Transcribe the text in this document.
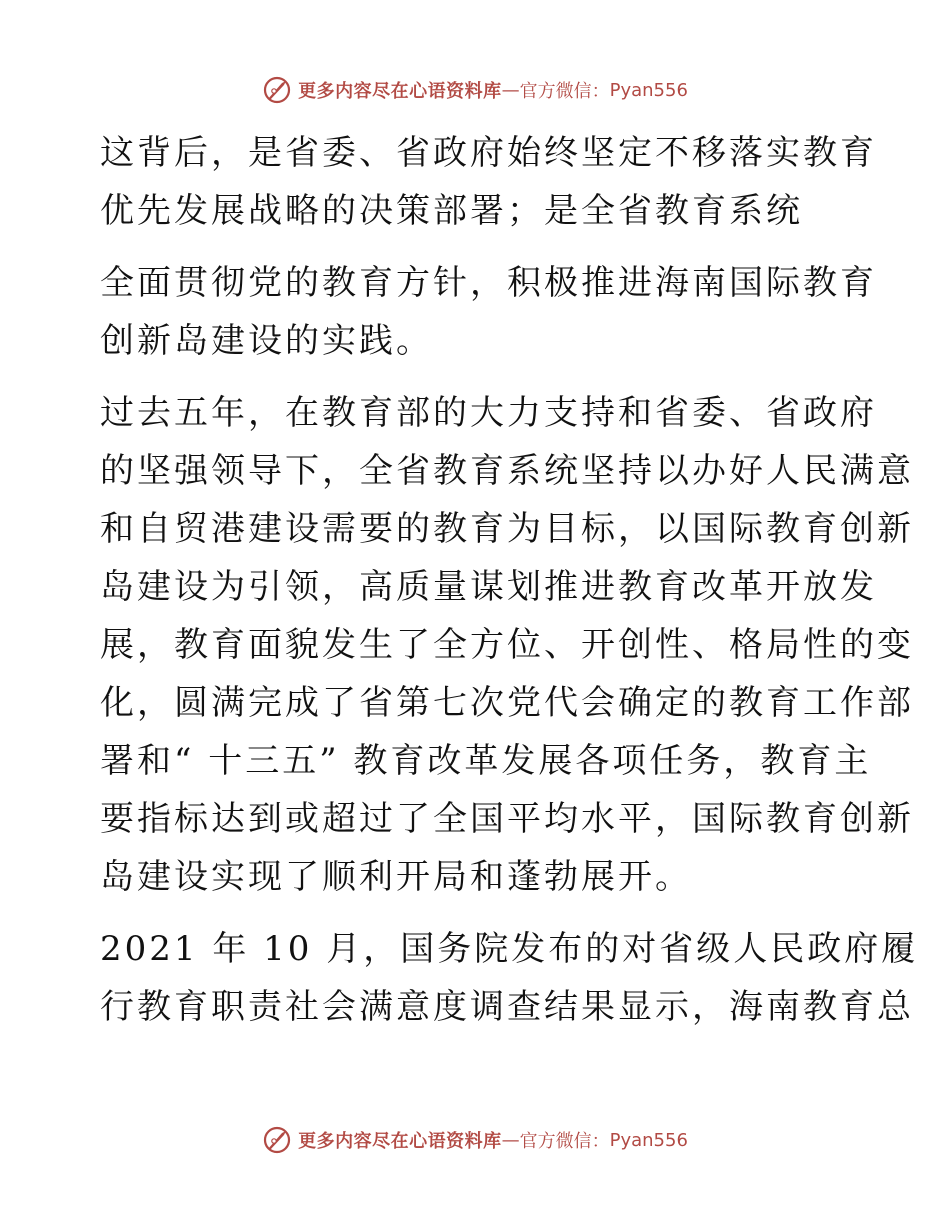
更多内容尽在心语资料库 — 官方微信： Pyan556

这背后，是省委、省政府始终坚定不移落实教育
优先发展战略的决策部署；是全省教育系统

全面贯彻党的教育方针，积极推进海南国际教育
创新岛建设的实践。

过去五年，在教育部的大力支持和省委、省政府
的坚强领导下，全省教育系统坚持以办好人民满意
和自贸港建设需要的教育为目标，以国际教育创新
岛建设为引领，高质量谋划推进教育改革开放发
展，教育面貌发生了全方位、开创性、格局性的变
化，圆满完成了省第七次党代会确定的教育工作部
署和“ 十三五” 教育改革发展各项任务，教育主
要指标达到或超过了全国平均水平，国际教育创新
岛建设实现了顺利开局和蓬勃展开。

2021 年 10 月，国务院发布的对省级人民政府履
行教育职责社会满意度调查结果显示，海南教育总

更多内容尽在心语资料库 — 官方微信： Pyan556
